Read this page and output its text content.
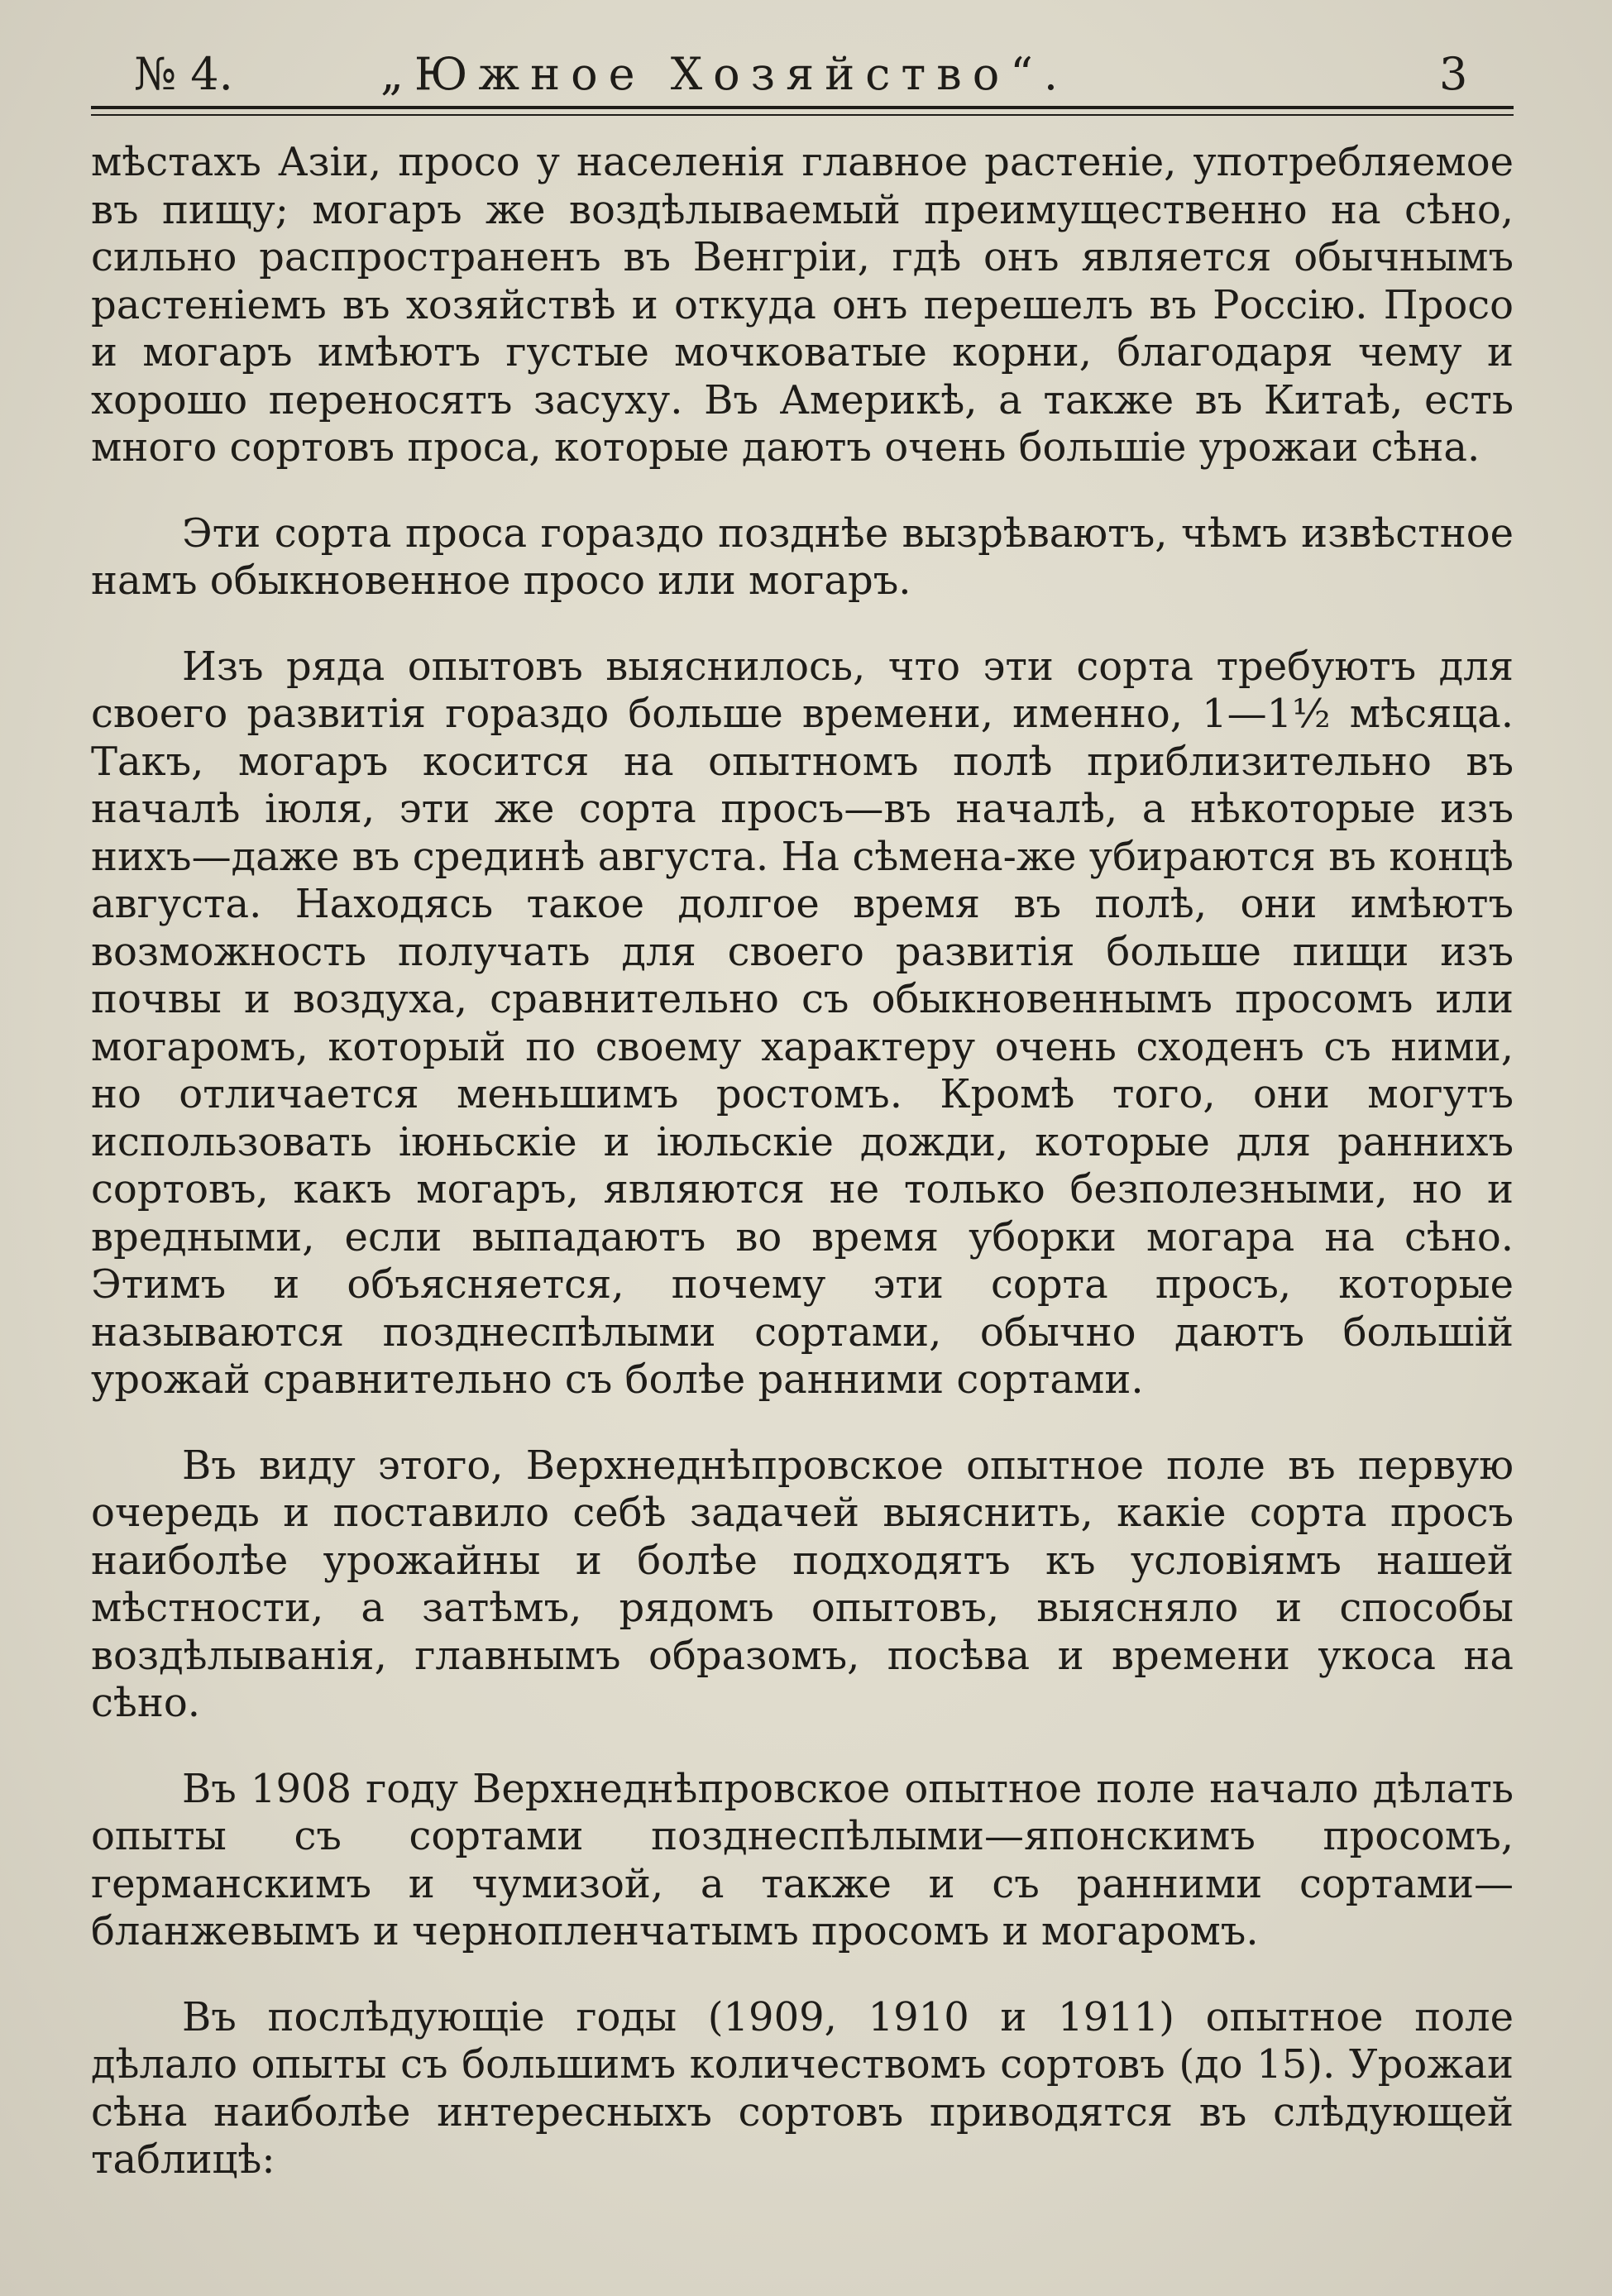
№ 4.	„Южное Хозяйство“.	3

мѣстахъ Азіи, просо у населенія главное растеніе, употребляемое въ пищу; могаръ же воздѣлываемый преимущественно на сѣно, сильно распространенъ въ Венгріи, гдѣ онъ является обычнымъ растеніемъ въ хозяйствѣ и откуда онъ перешелъ въ Россію. Просо и могаръ имѣютъ густые мочковатые корни, благодаря чему и хорошо переносятъ засуху. Въ Америкѣ, а также въ Китаѣ, есть много сортовъ проса, которые даютъ очень большіе урожаи сѣна.

Эти сорта проса гораздо позднѣе вызрѣваютъ, чѣмъ извѣстное намъ обыкновенное просо или могаръ.

Изъ ряда опытовъ выяснилось, что эти сорта требуютъ для своего развитія гораздо больше времени, именно, 1—1½ мѣсяца. Такъ, могаръ косится на опытномъ полѣ приблизительно въ началѣ іюля, эти же сорта просъ—въ началѣ, а нѣкоторые изъ нихъ—даже въ срединѣ августа. На сѣмена-же убираются въ концѣ августа. Находясь такое долгое время въ полѣ, они имѣютъ возможность получать для своего развитія больше пищи изъ почвы и воздуха, сравнительно съ обыкновеннымъ просомъ или могаромъ, который по своему характеру очень сходенъ съ ними, но отличается меньшимъ ростомъ. Кромѣ того, они могутъ использовать іюньскіе и іюльскіе дожди, которые для раннихъ сортовъ, какъ могаръ, являются не только безполезными, но и вредными, если выпадаютъ во время уборки могара на сѣно. Этимъ и объясняется, почему эти сорта просъ, которые называются позднеспѣлыми сортами, обычно даютъ большій урожай сравнительно съ болѣе ранними сортами.

Въ виду этого, Верхнеднѣпровское опытное поле въ первую очередь и поставило себѣ задачей выяснить, какіе сорта просъ наиболѣе урожайны и болѣе подходятъ къ условіямъ нашей мѣстности, а затѣмъ, рядомъ опытовъ, выясняло и способы воздѣлыванія, главнымъ образомъ, посѣва и времени укоса на сѣно.

Въ 1908 году Верхнеднѣпровское опытное поле начало дѣлать опыты съ сортами позднеспѣлыми—японскимъ просомъ, германскимъ и чумизой, а также и съ ранними сортами—бланжевымъ и чернопленчатымъ просомъ и могаромъ.

Въ послѣдующіе годы (1909, 1910 и 1911) опытное поле дѣлало опыты съ большимъ количествомъ сортовъ (до 15). Урожаи сѣна наиболѣе интересныхъ сортовъ приводятся въ слѣдующей таблицѣ:
